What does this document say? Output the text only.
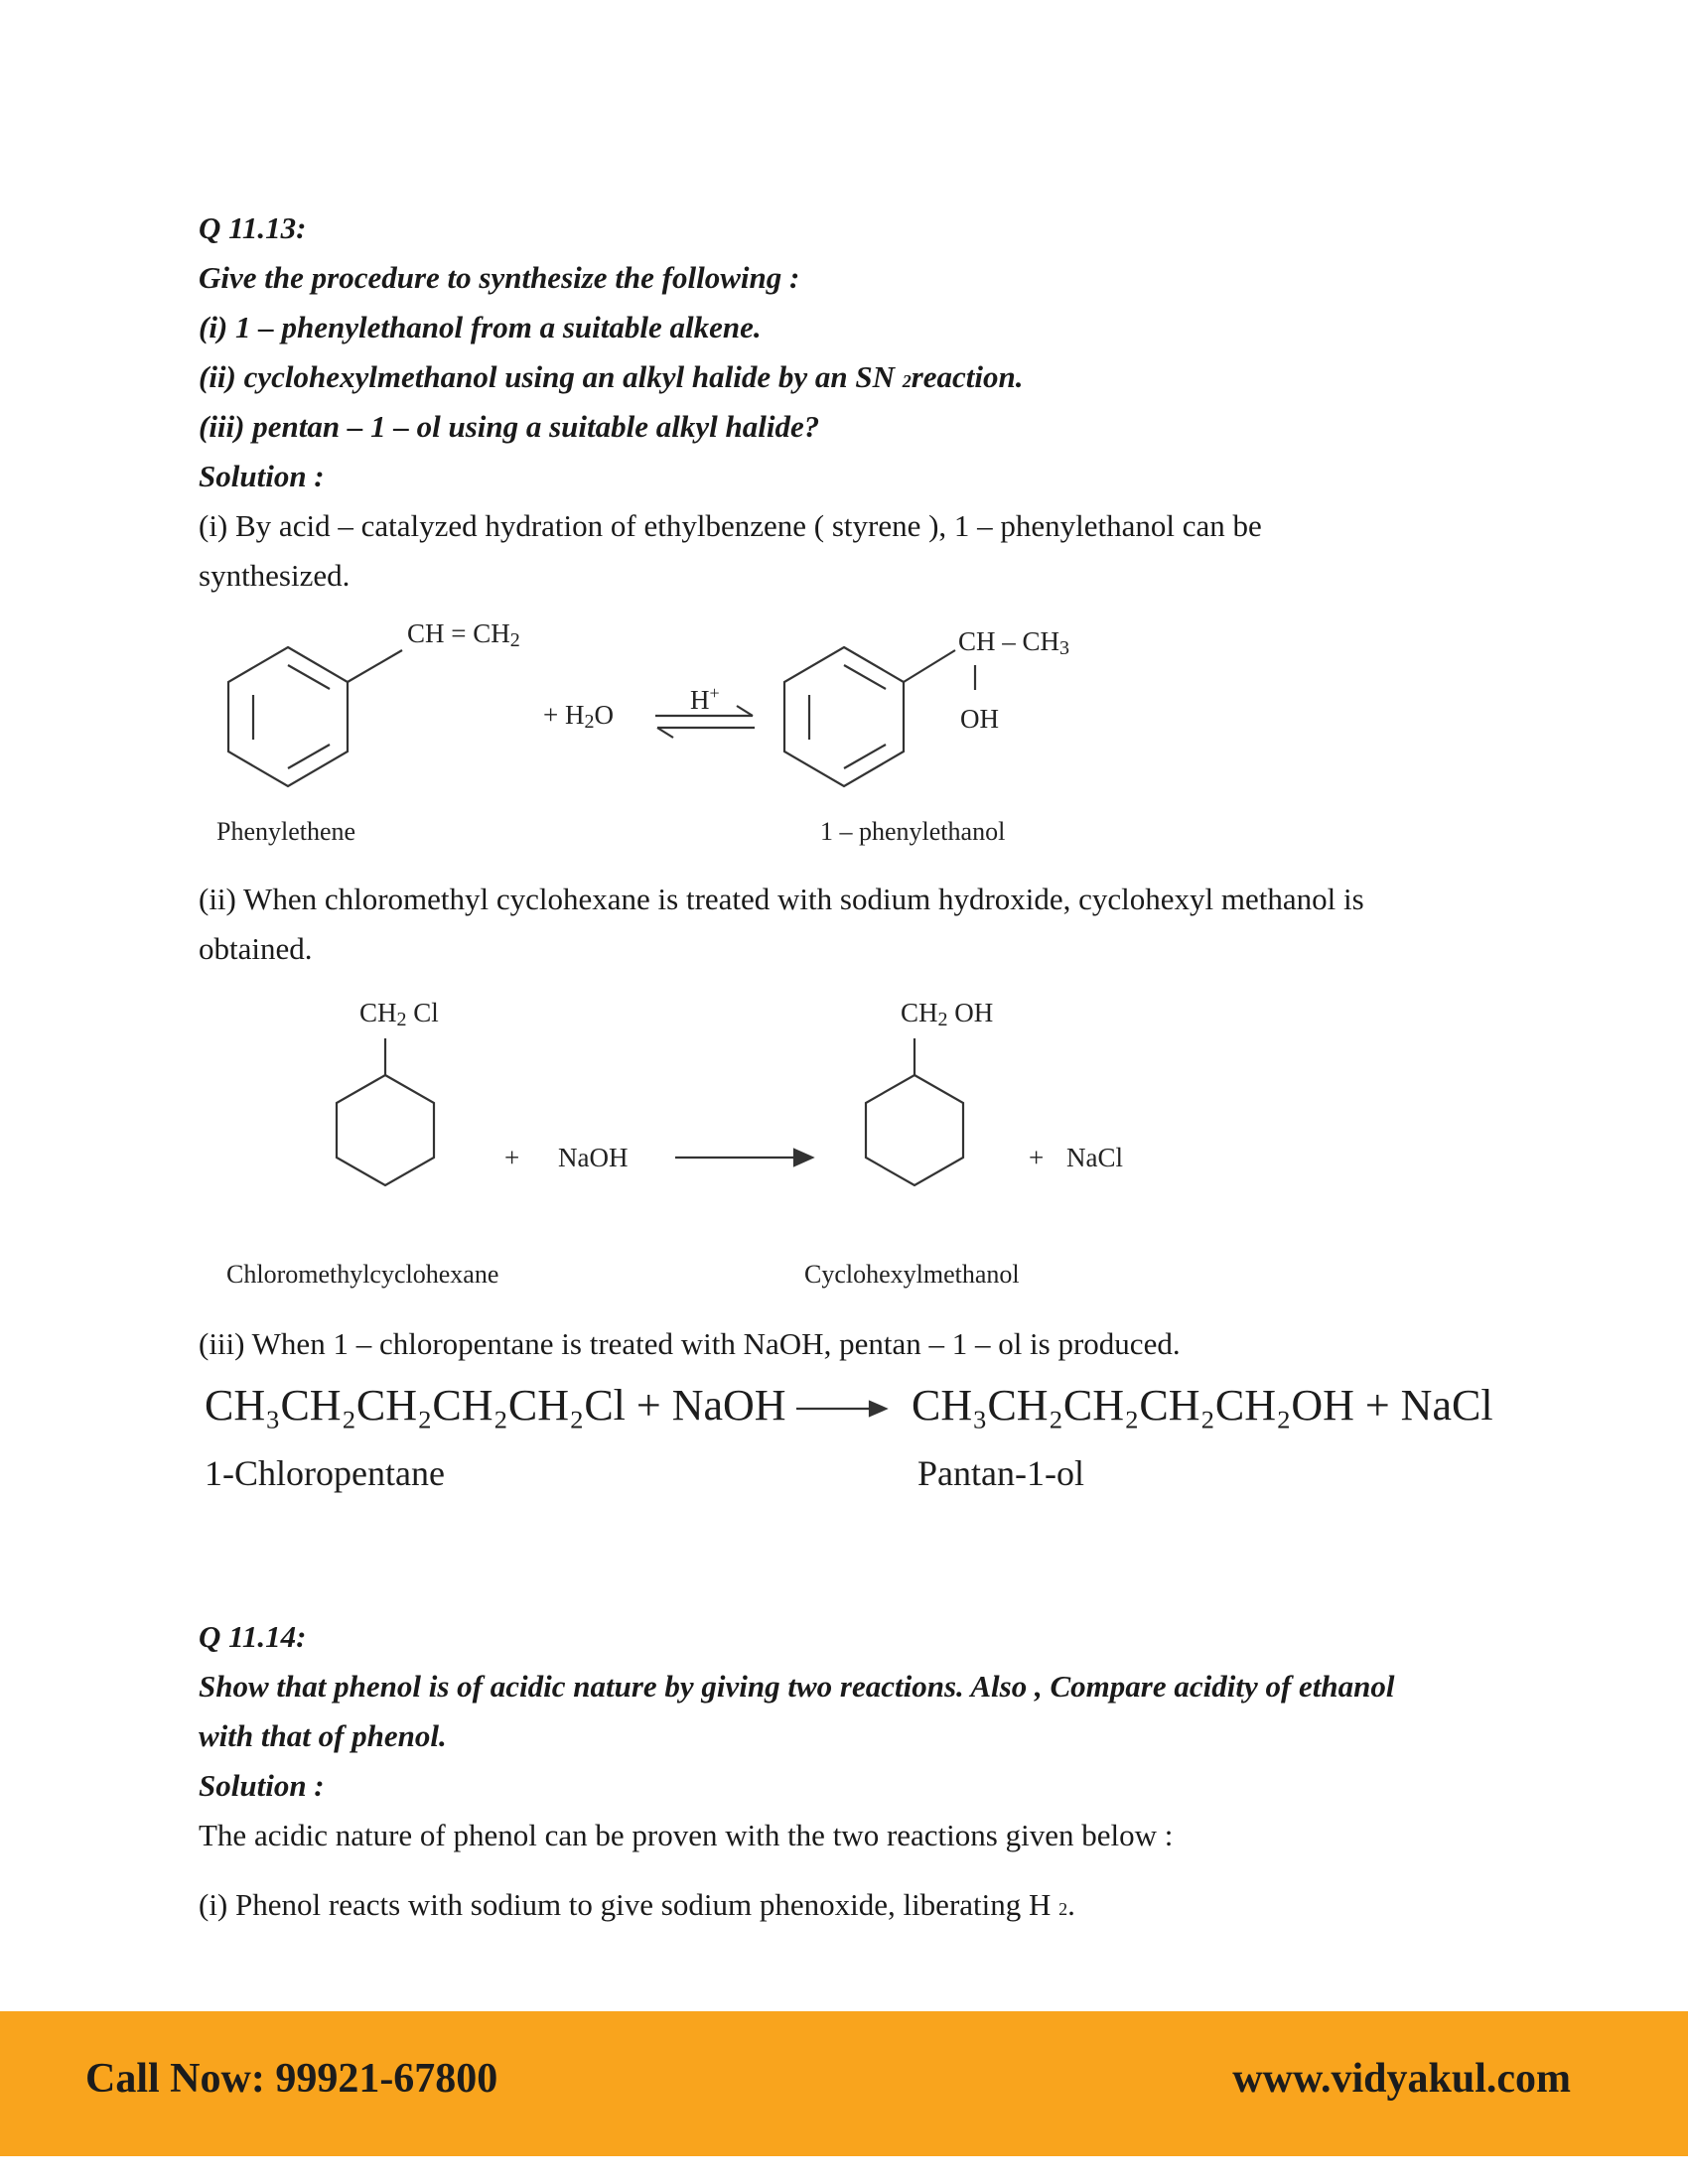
Q 11.13:
Give the procedure to synthesize the following :
(i) 1 – phenylethanol from a suitable alkene.
(ii) cyclohexylmethanol using an alkyl halide by an SN 2reaction.
(iii) pentan – 1 – ol using a suitable alkyl halide?
Solution :
(i) By acid – catalyzed hydration of ethylbenzene ( styrene ), 1 – phenylethanol can be
synthesized.
CH = $CH_2$
+ $H_2O$	H+
CH – $CH_3$
OH
Phenylethene	1 – phenylethanol
(ii) When chloromethyl cyclohexane is treated with sodium hydroxide, cyclohexyl methanol is
obtained.
$CH_2$ Cl
+ NaOH
$CH_2$ OH
+ NaCl
Chloromethylcyclohexane	Cyclohexylmethanol
(iii) When 1 – chloropentane is treated with NaOH, pentan – 1 – ol is produced.
CH₃CH₂CH₂CH₂CH₂Cl + NaOH	CH₃CH₂CH₂CH₂CH₂OH + NaCl
1-Chloropentane	Pantan-1-ol
Q 11.14:
Show that phenol is of acidic nature by giving two reactions. Also , Compare acidity of ethanol
with that of phenol.
Solution :
The acidic nature of phenol can be proven with the two reactions given below :
(i) Phenol reacts with sodium to give sodium phenoxide, liberating H 2.
Call Now: 99921-67800	www.vidyakul.com
